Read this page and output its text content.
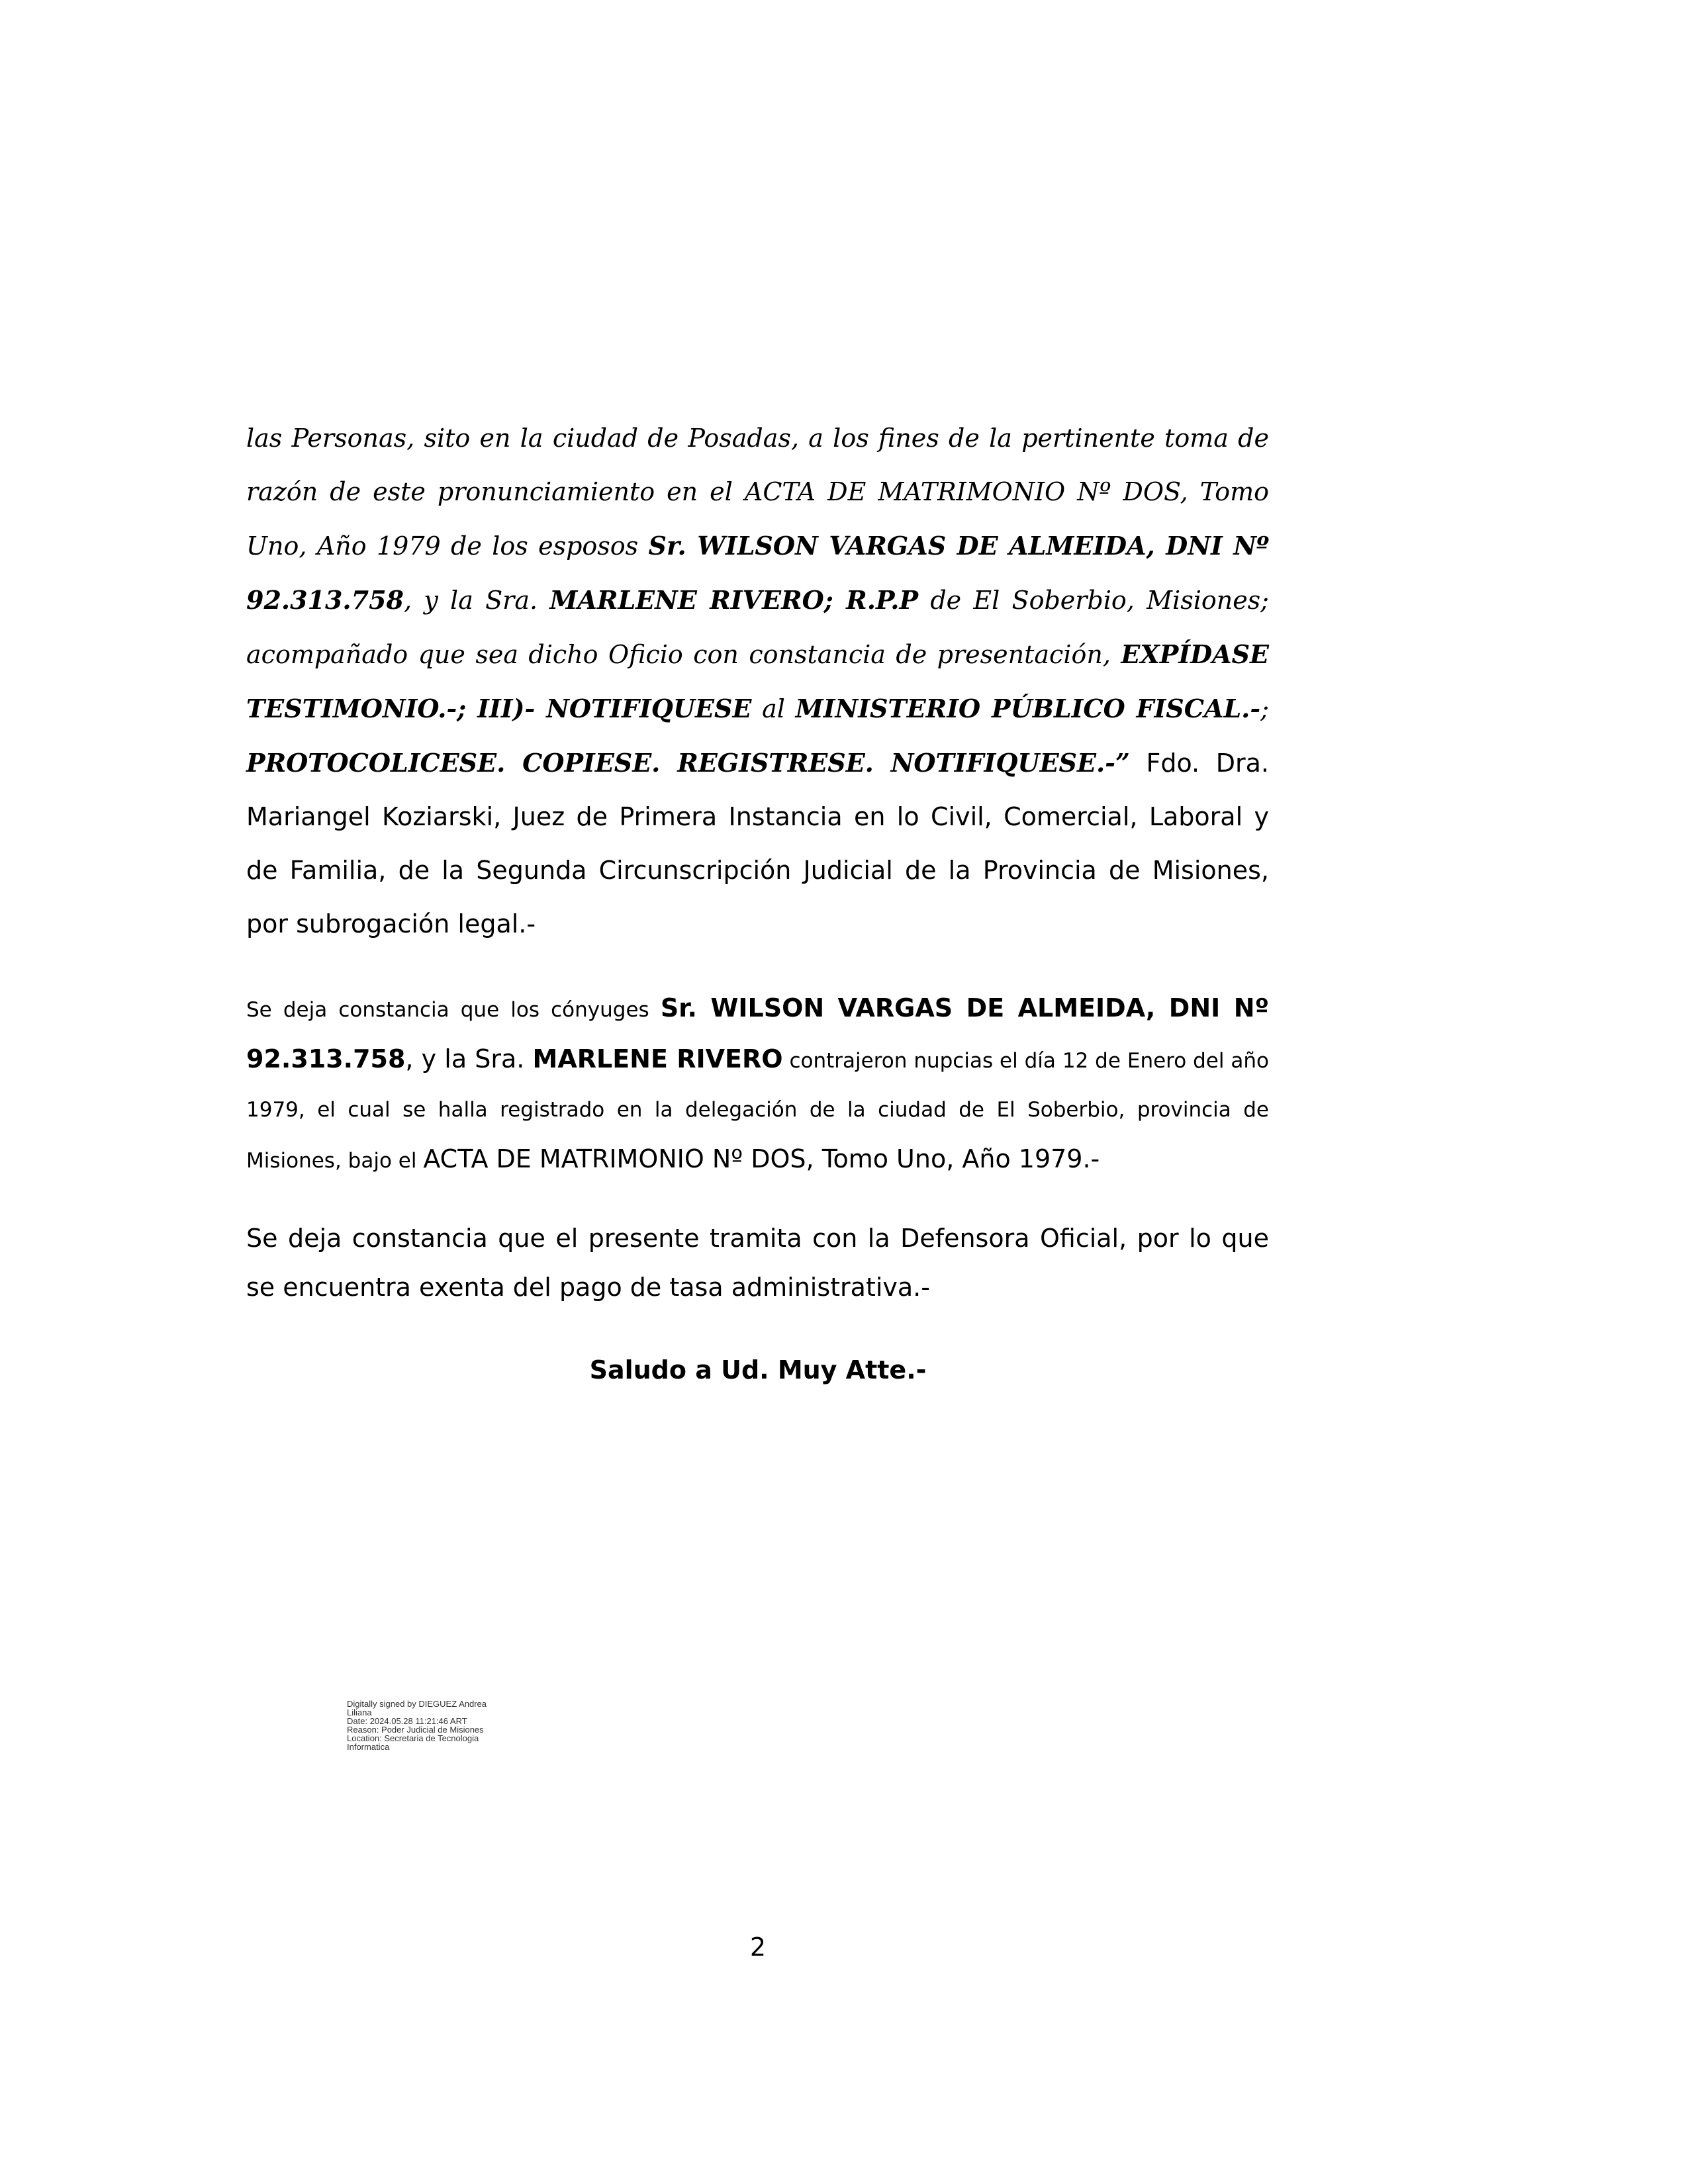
las Personas, sito en la ciudad de Posadas, a los fines de la pertinente toma de razón de este pronunciamiento en el ACTA DE MATRIMONIO Nº DOS, Tomo Uno, Año 1979 de los esposos Sr. WILSON VARGAS DE ALMEIDA, DNI Nº 92.313.758, y la Sra. MARLENE RIVERO; R.P.P de El Soberbio, Misiones; acompañado que sea dicho Oficio con constancia de presentación, EXPÍDASE TESTIMONIO.-; III)- NOTIFIQUESE al MINISTERIO PÚBLICO FISCAL.-; PROTOCOLICESE. COPIESE. REGISTRESE. NOTIFIQUESE.-” Fdo. Dra. Mariangel Koziarski, Juez de Primera Instancia en lo Civil, Comercial, Laboral y de Familia, de la Segunda Circunscripción Judicial de la Provincia de Misiones, por subrogación legal.-

Se deja constancia que los cónyuges Sr. WILSON VARGAS DE ALMEIDA, DNI Nº 92.313.758, y la Sra. MARLENE RIVERO contrajeron nupcias el día 12 de Enero del año 1979, el cual se halla registrado en la delegación de la ciudad de El Soberbio, provincia de Misiones, bajo el ACTA DE MATRIMONIO Nº DOS, Tomo Uno, Año 1979.-

Se deja constancia que el presente tramita con la Defensora Oficial, por lo que se encuentra exenta del pago de tasa administrativa.-

Saludo a Ud. Muy Atte.-

Digitally signed by DIEGUEZ Andrea
Liliana
Date: 2024.05.28 11:21:46 ART
Reason: Poder Judicial de Misiones
Location: Secretaria de Tecnologia
Informatica
2
